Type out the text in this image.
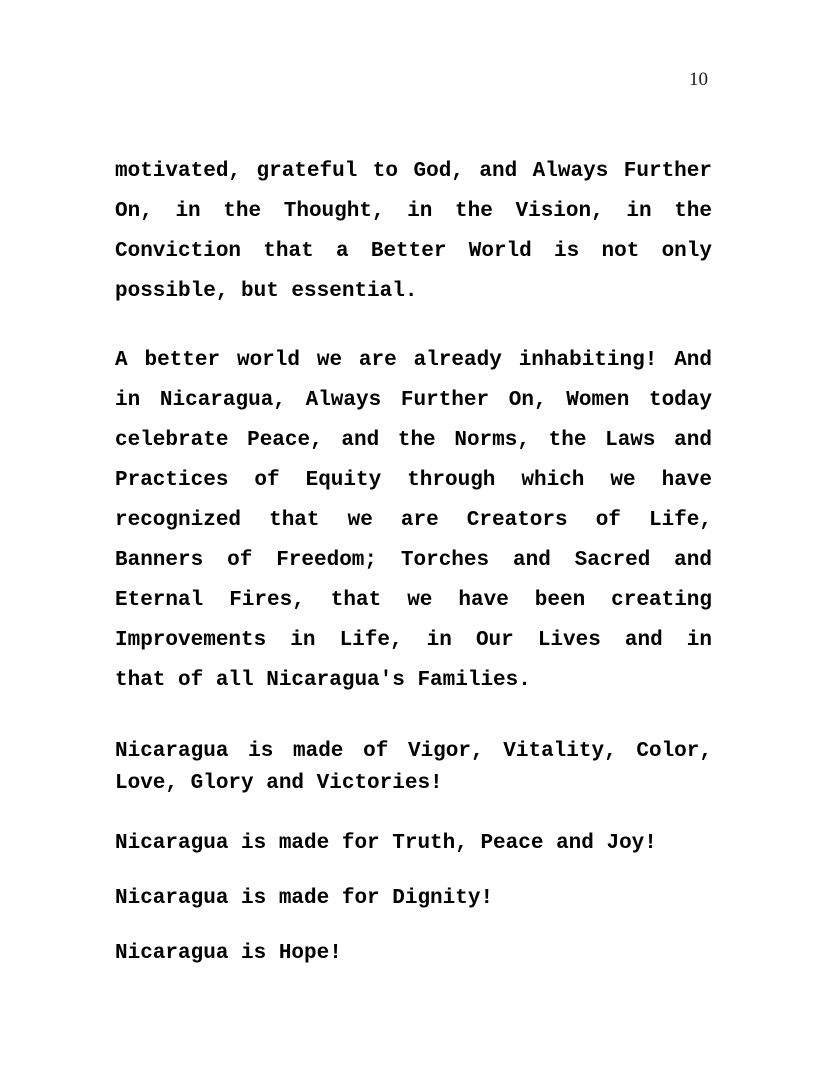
10
motivated, grateful to God, and Always Further
On, in the Thought, in the Vision, in the
Conviction that a Better World is not only
possible, but essential.
A better world we are already inhabiting! And
in Nicaragua, Always Further On, Women today
celebrate Peace, and the Norms, the Laws and
Practices of Equity through which we have
recognized that we are Creators of Life,
Banners of Freedom; Torches and Sacred and
Eternal Fires, that we have been creating
Improvements in Life, in Our Lives and in
that of all Nicaragua's Families.
Nicaragua is made of Vigor, Vitality, Color,
Love, Glory and Victories!
Nicaragua is made for Truth, Peace and Joy!
Nicaragua is made for Dignity!
Nicaragua is Hope!
